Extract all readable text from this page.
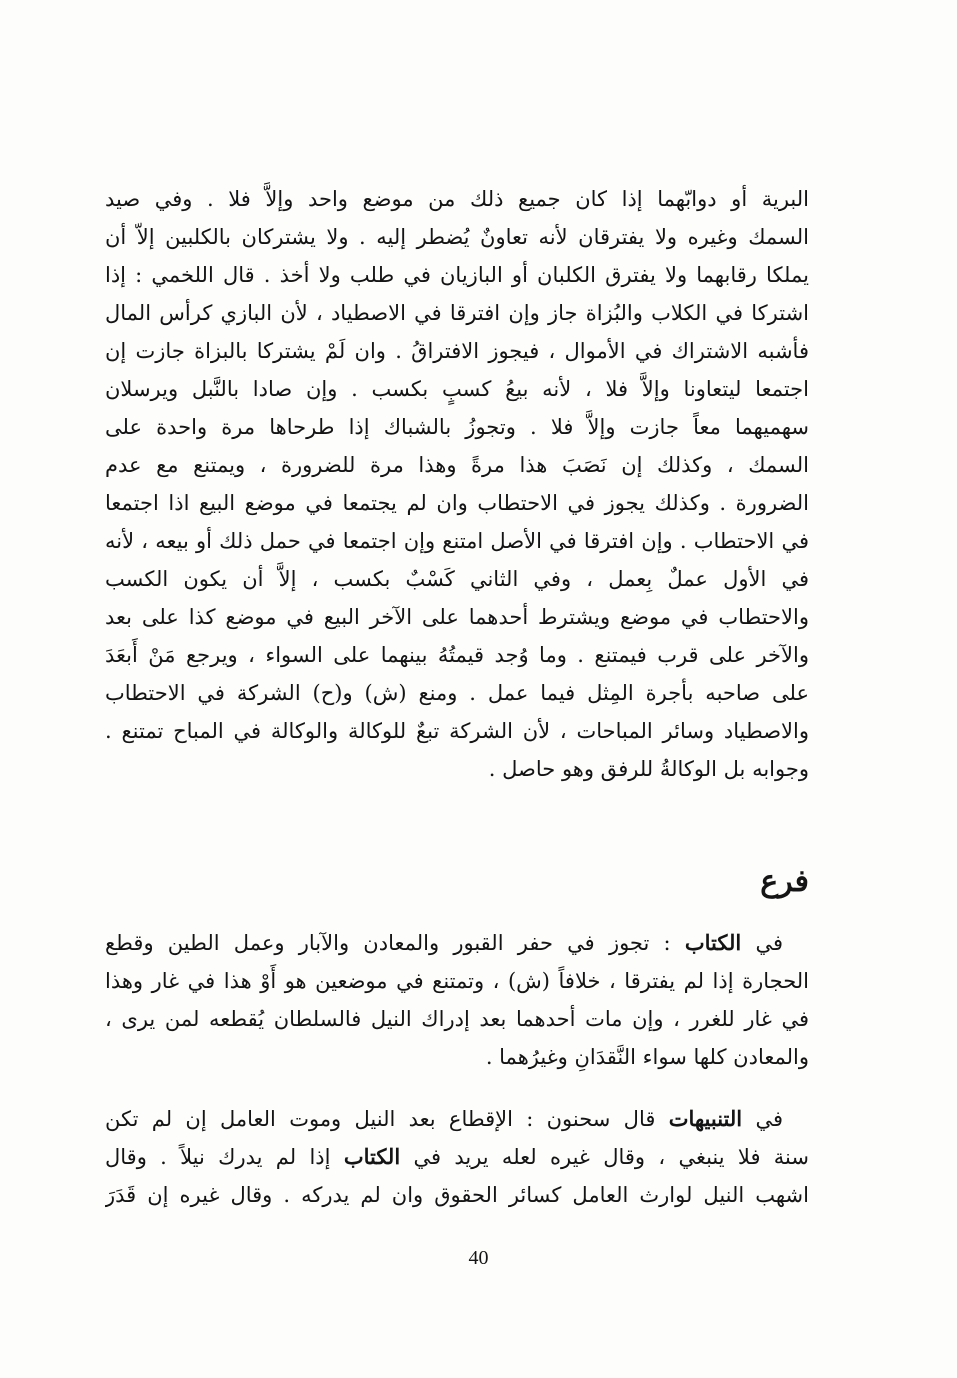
البرية أو دوابّهما إذا كان جميع ذلك من موضع واحد وإلاَّ فلا . وفي صيد
السمك وغيره ولا يفترقان لأنه تعاونٌ يُضطر إليه . ولا يشتركان بالكلبين إلاّ أن
يملكا رقابهما ولا يفترق الكلبان أو البازيان في طلب ولا أخذ . قال اللخمي : إذا
اشتركا في الكلاب والبُزاة جاز وإن افترقا في الاصطياد ، لأن البازي كرأس المال
فأشبه الاشتراك في الأموال ، فيجوز الافتراقُ . وان لَمْ يشتركا بالبزاة جازت إن
اجتمعا ليتعاونا وإلاَّ فلا ، لأنه بيعُ كسبٍ بكسب . وإن صادا بالنَّبل ويرسلان
سهميهما معاً جازت وإلاَّ فلا . وتجوزُ بالشباك إذا طرحاها مرة واحدة على
السمك ، وكذلك إن نَصَبَ هذا مرةً وهذا مرة للضرورة ، ويمتنع مع عدم
الضرورة . وكذلك يجوز في الاحتطاب وان لم يجتمعا في موضع البيع اذا اجتمعا
في الاحتطاب . وإن افترقا في الأصل امتنع وإن اجتمعا في حمل ذلك أو بيعه ، لأنه
في الأول عملٌ بِعمل ، وفي الثاني كَسْبٌ بكسب ، إلاَّ أن يكون الكسب
والاحتطاب في موضع ويشترط أحدهما على الآخر البيع في موضع كذا على بعد
والآخر على قرب فيمتنع . وما وُجد قيمتُهُ بينهما على السواء ، ويرجع مَنْ أَبعَدَ
على صاحبه بأجرة المِثل فيما عمل . ومنع (ش) و(ح) الشركة في الاحتطاب
والاصطياد وسائر المباحات ، لأن الشركة تبعٌ للوكالة والوكالة في المباح تمتنع .
وجوابه بل الوكالةُ للرفق وهو حاصل .
فرع
في الكتاب : تجوز في حفر القبور والمعادن والآبار وعمل الطين وقطع
الحجارة إذا لم يفترقا ، خلافاً (ش) ، وتمتنع في موضعين هو أَوْ هذا في غار وهذا
في غار للغرر ، وإن مات أحدهما بعد إدراك النيل فالسلطان يُقطعه لمن يرى ،
والمعادن كلها سواء النَّقدَانِ وغيرُهما .
في التنبيهات قال سحنون : الإقطاع بعد النيل وموت العامل إن لم تكن
سنة فلا ينبغي ، وقال غيره لعله يريد في الكتاب إذا لم يدرك نيلاً . وقال
اشهب النيل لوارث العامل كسائر الحقوق وان لم يدركه . وقال غيره إن قَدَرَ
40
